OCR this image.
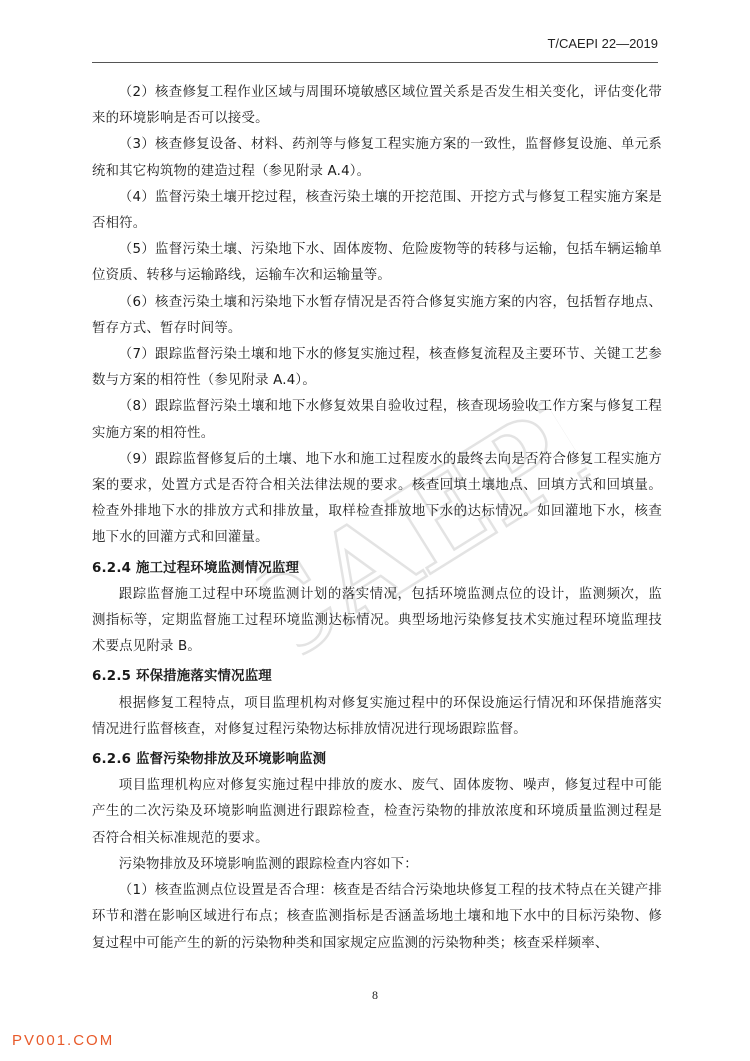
T/CAEPI 22—2019
CAEPI

（2）核查修复工程作业区域与周围环境敏感区域位置关系是否发生相关变化，评估变化带来的环境影响是否可以接受。

（3）核查修复设备、材料、药剂等与修复工程实施方案的一致性，监督修复设施、单元系统和其它构筑物的建造过程（参见附录 A.4）。

（4）监督污染土壤开挖过程，核查污染土壤的开挖范围、开挖方式与修复工程实施方案是否相符。

（5）监督污染土壤、污染地下水、固体废物、危险废物等的转移与运输，包括车辆运输单位资质、转移与运输路线，运输车次和运输量等。

（6）核查污染土壤和污染地下水暂存情况是否符合修复实施方案的内容，包括暂存地点、暂存方式、暂存时间等。

（7）跟踪监督污染土壤和地下水的修复实施过程，核查修复流程及主要环节、关键工艺参数与方案的相符性（参见附录 A.4）。

（8）跟踪监督污染土壤和地下水修复效果自验收过程，核查现场验收工作方案与修复工程实施方案的相符性。

（9）跟踪监督修复后的土壤、地下水和施工过程废水的最终去向是否符合修复工程实施方案的要求，处置方式是否符合相关法律法规的要求。核查回填土壤地点、回填方式和回填量。检查外排地下水的排放方式和排放量，取样检查排放地下水的达标情况。如回灌地下水，核查地下水的回灌方式和回灌量。

6.2.4 施工过程环境监测情况监理

跟踪监督施工过程中环境监测计划的落实情况，包括环境监测点位的设计，监测频次，监测指标等，定期监督施工过程环境监测达标情况。典型场地污染修复技术实施过程环境监理技术要点见附录 B。

6.2.5 环保措施落实情况监理

根据修复工程特点，项目监理机构对修复实施过程中的环保设施运行情况和环保措施落实情况进行监督核查，对修复过程污染物达标排放情况进行现场跟踪监督。

6.2.6 监督污染物排放及环境影响监测

项目监理机构应对修复实施过程中排放的废水、废气、固体废物、噪声，修复过程中可能产生的二次污染及环境影响监测进行跟踪检查，检查污染物的排放浓度和环境质量监测过程是否符合相关标准规范的要求。

污染物排放及环境影响监测的跟踪检查内容如下：

（1）核查监测点位设置是否合理：核查是否结合污染地块修复工程的技术特点在关键产排环节和潜在影响区域进行布点；核查监测指标是否涵盖场地土壤和地下水中的目标污染物、修复过程中可能产生的新的污染物种类和国家规定应监测的污染物种类；核查采样频率、

8
PV001.COM
